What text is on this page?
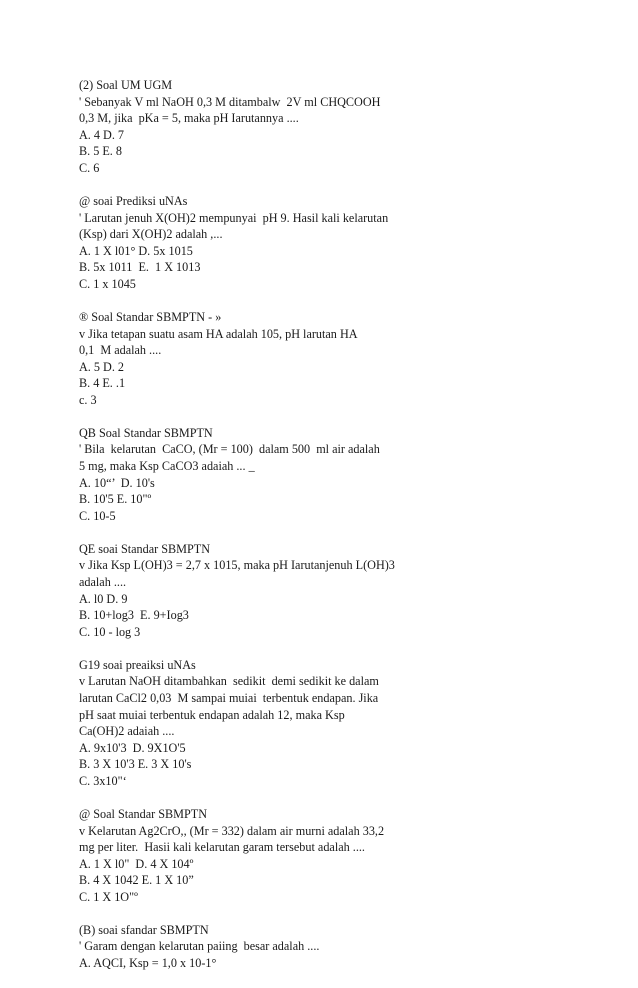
(2) Soal UM UGM
' Sebanyak V ml NaOH 0,3 M ditambalw  2V ml CHQCOOH
0,3 M, jika  pKa = 5, maka pH Iarutannya ....
A. 4 D. 7
B. 5 E. 8
C. 6
@ soai Prediksi uNAs
' Larutan jenuh X(OH)2 mempunyai  pH 9. Hasil kali kelarutan
(Ksp) dari X(OH)2 adalah ,...
A. 1 X l01° D. 5x 1015
B. 5x 1011  E.  1 X 1013
C. 1 x 1045
® Soal Standar SBMPTN - »
v Jika tetapan suatu asam HA adalah 105, pH larutan HA
0,1  M adalah ....
A. 5 D. 2
B. 4 E. .1
c. 3
QB Soal Standar SBMPTN
' Bila  kelarutan  CaCO, (Mr = 100)  dalam 500  ml air adalah
5 mg, maka Ksp CaCO3 adaiah ... _
A. 10“’  D. 10's
B. 10'5 E. 10"º
C. 10-5
QE soai Standar SBMPTN
v Jika Ksp L(OH)3 = 2,7 x 1015, maka pH Iarutanjenuh L(OH)3
adalah ....
A. l0 D. 9
B. 10+log3  E. 9+Iog3
C. 10 - log 3
G19 soai preaiksi uNAs
v Larutan NaOH ditambahkan  sedikit  demi sedikit ke dalam
larutan CaCl2 0,03  M sampai muiai  terbentuk endapan. Jika
pH saat muiai terbentuk endapan adalah 12, maka Ksp
Ca(OH)2 adaiah ....
A. 9x10'3  D. 9X1O'5
B. 3 X 10'3 E. 3 X 10's
C. 3x10"‘
@ Soal Standar SBMPTN
v Kelarutan Ag2CrO,, (Mr = 332) dalam air murni adalah 33,2
mg per liter.  Hasii kali kelarutan garam tersebut adalah ....
A. 1 X l0"  D. 4 X 104º
B. 4 X 1042 E. 1 X 10”
C. 1 X 1O"º
(B) soai sfandar SBMPTN
' Garam dengan kelarutan paiing  besar adalah ....
A. AQCI, Ksp = 1,0 x 10-1°
